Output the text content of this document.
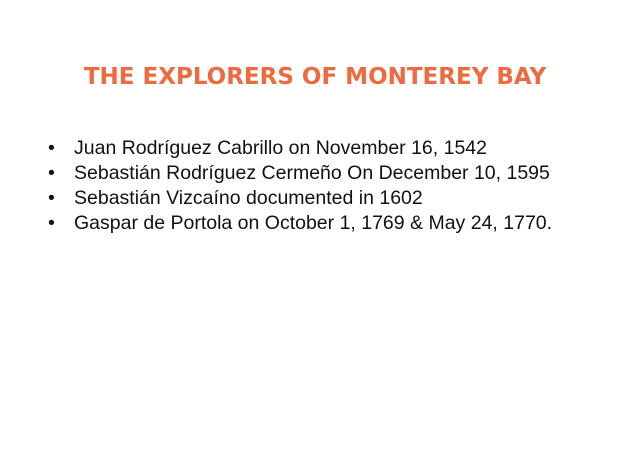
THE EXPLORERS OF MONTEREY BAY
• Juan Rodríguez Cabrillo on November 16, 1542
• Sebastián Rodríguez Cermeño On December 10, 1595
• Sebastián Vizcaíno documented in 1602
• Gaspar de Portola on October 1, 1769 & May 24, 1770.
